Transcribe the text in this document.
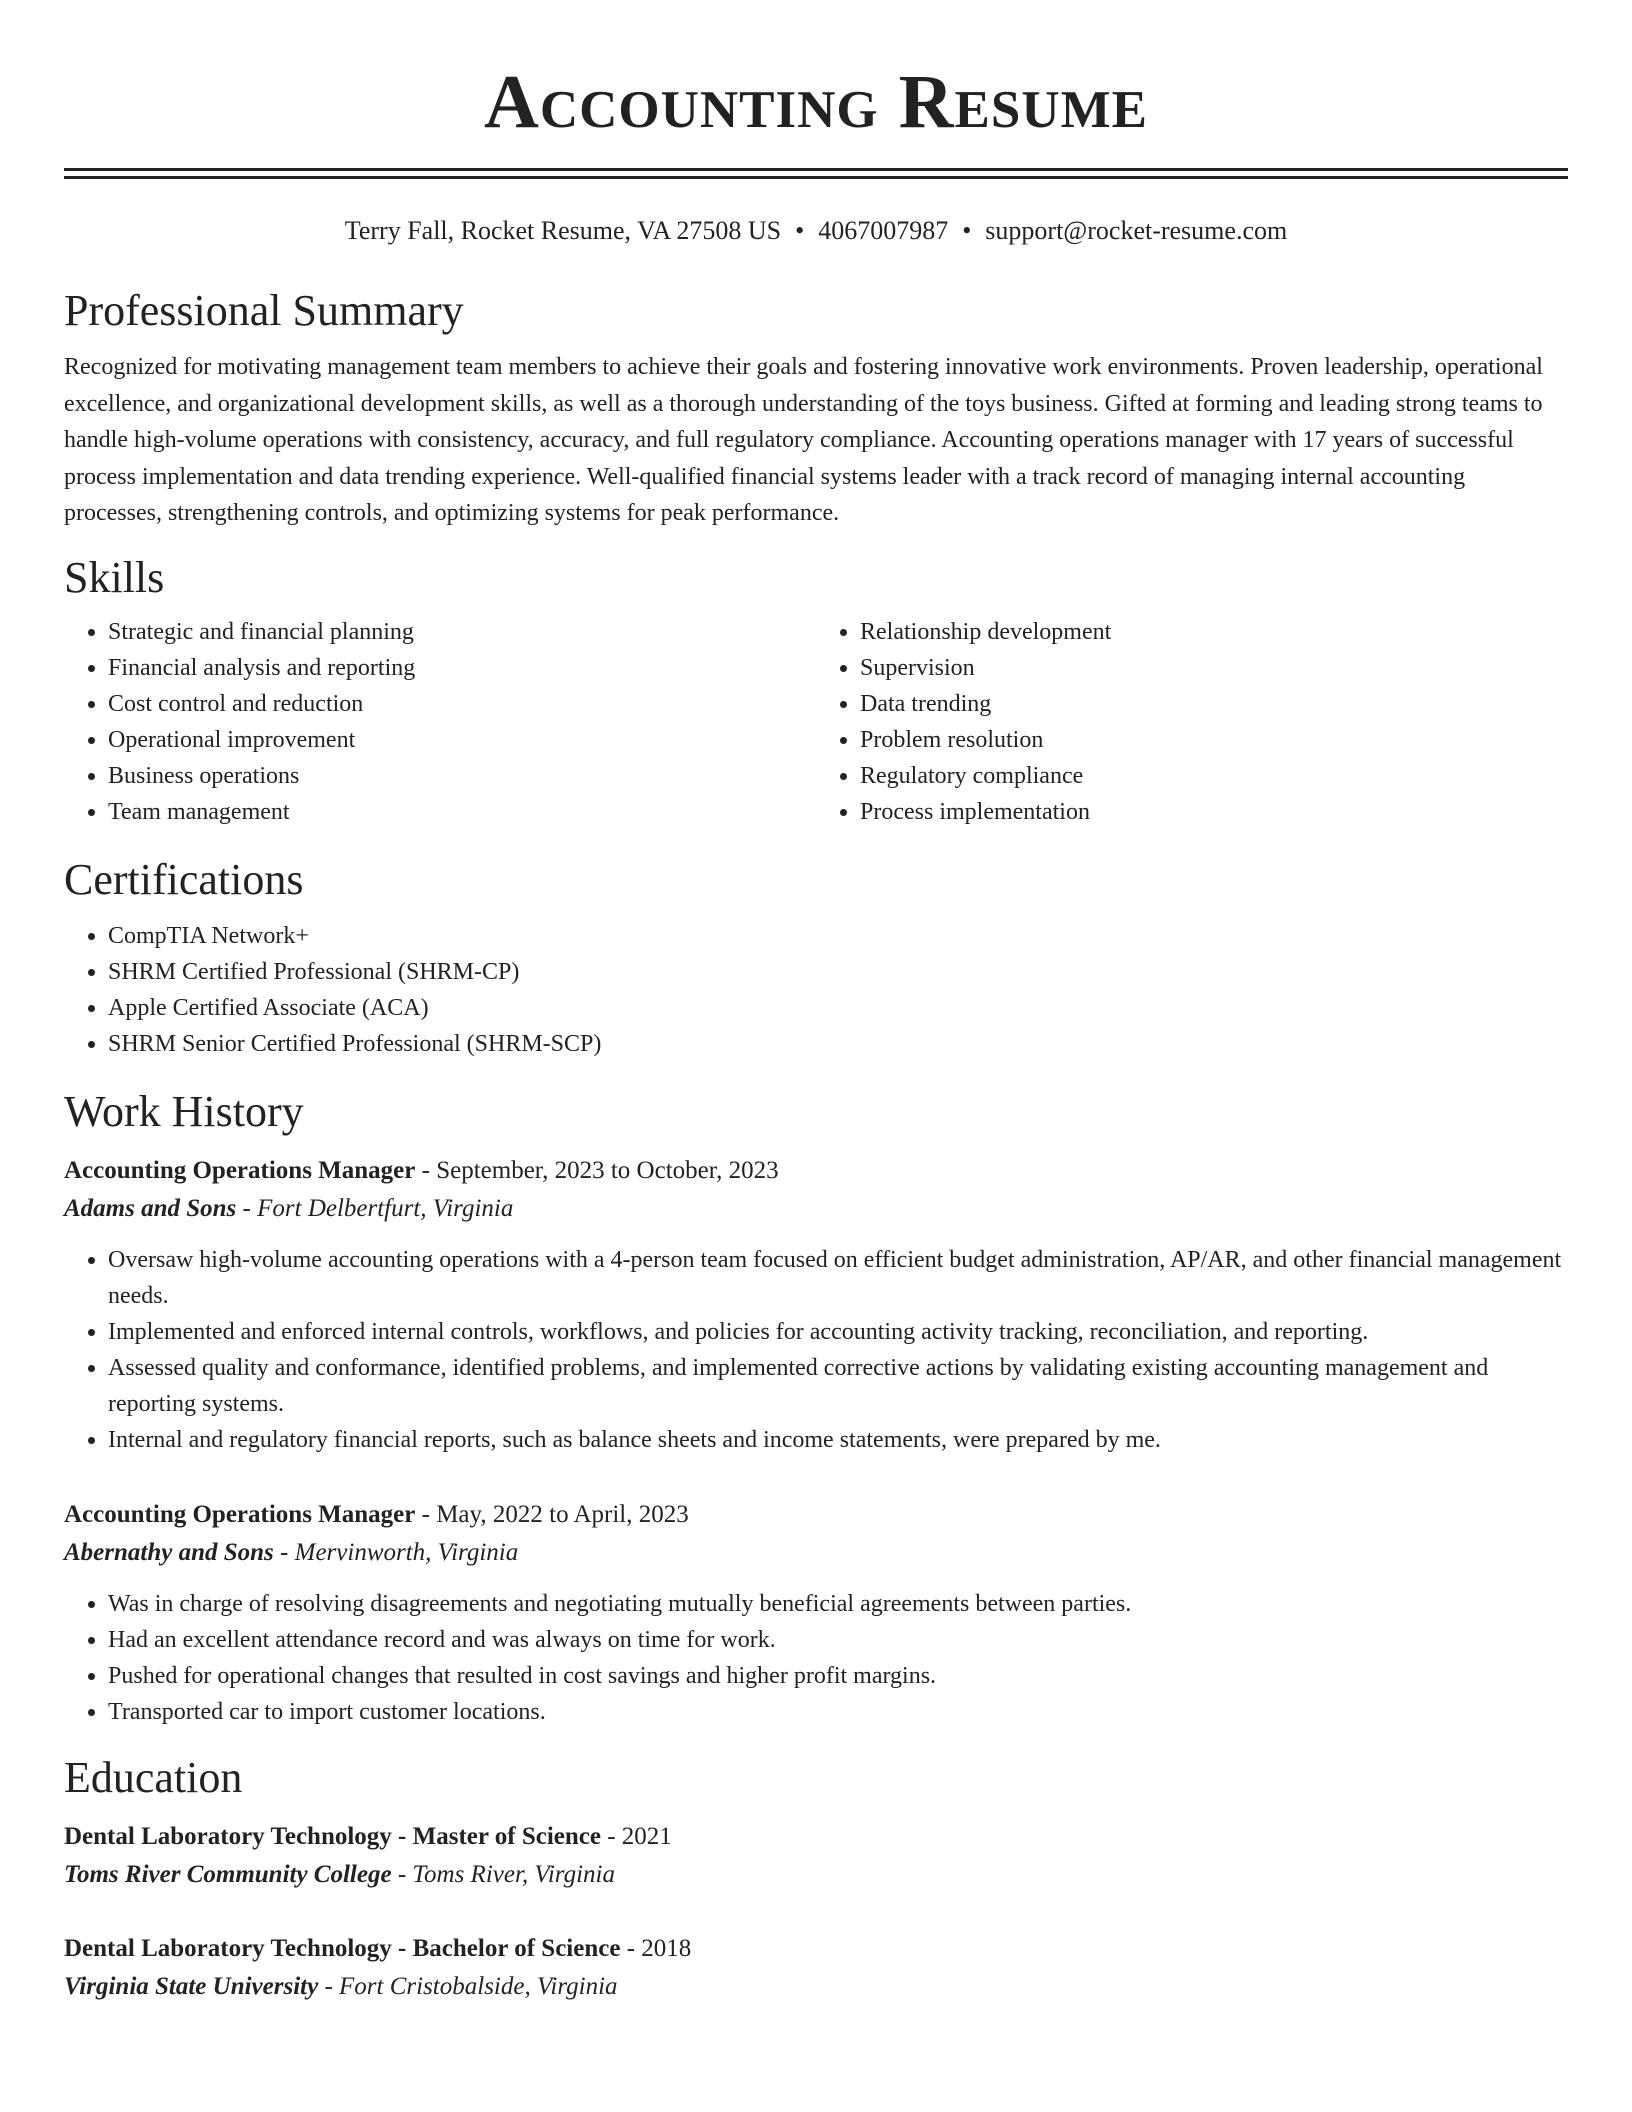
Accounting Resume
Terry Fall, Rocket Resume, VA 27508 US • 4067007987 • support@rocket-resume.com
Professional Summary

Recognized for motivating management team members to achieve their goals and fostering innovative work environments. Proven leadership, operational excellence, and organizational development skills, as well as a thorough understanding of the toys business. Gifted at forming and leading strong teams to handle high-volume operations with consistency, accuracy, and full regulatory compliance. Accounting operations manager with 17 years of successful process implementation and data trending experience. Well-qualified financial systems leader with a track record of managing internal accounting processes, strengthening controls, and optimizing systems for peak performance.

Skills
• Strategic and financial planning
• Financial analysis and reporting
• Cost control and reduction
• Operational improvement
• Business operations
• Team management
• Relationship development
• Supervision
• Data trending
• Problem resolution
• Regulatory compliance
• Process implementation
Certifications
• CompTIA Network+
• SHRM Certified Professional (SHRM-CP)
• Apple Certified Associate (ACA)
• SHRM Senior Certified Professional (SHRM-SCP)
Work History
Accounting Operations Manager - September, 2023 to October, 2023
Adams and Sons - Fort Delbertfurt, Virginia
• Oversaw high-volume accounting operations with a 4-person team focused on efficient budget administration, AP/AR, and other financial management needs.
• Implemented and enforced internal controls, workflows, and policies for accounting activity tracking, reconciliation, and reporting.
• Assessed quality and conformance, identified problems, and implemented corrective actions by validating existing accounting management and reporting systems.
• Internal and regulatory financial reports, such as balance sheets and income statements, were prepared by me.
Accounting Operations Manager - May, 2022 to April, 2023
Abernathy and Sons - Mervinworth, Virginia
• Was in charge of resolving disagreements and negotiating mutually beneficial agreements between parties.
• Had an excellent attendance record and was always on time for work.
• Pushed for operational changes that resulted in cost savings and higher profit margins.
• Transported car to import customer locations.
Education
Dental Laboratory Technology - Master of Science - 2021
Toms River Community College - Toms River, Virginia
Dental Laboratory Technology - Bachelor of Science - 2018
Virginia State University - Fort Cristobalside, Virginia
